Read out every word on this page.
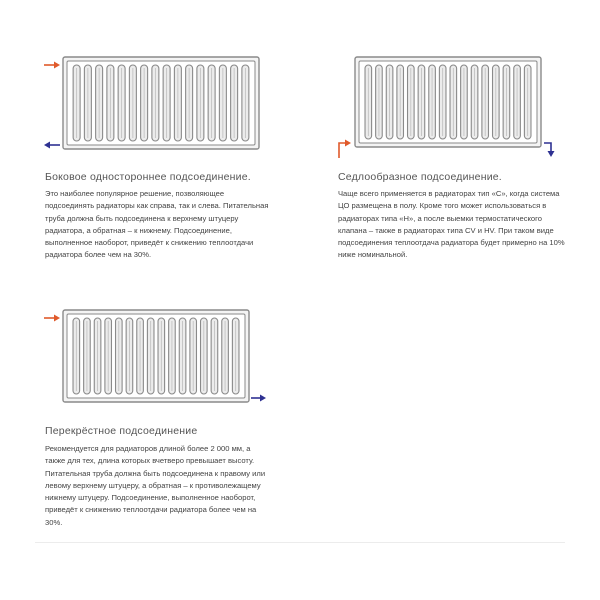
Боковое одностороннее подсоединение.
Это наиболее популярное решение, позволяющее подсоединять радиаторы как справа, так и слева. Питательная труба должна быть подсоединена к верхнему штуцеру радиатора, а обратная – к нижнему. Подсоединение, выполненное наоборот, приведёт к снижению теплоотдачи радиатора более чем на 30%.
Седлообразное подсоединение.
Чаще всего применяется в радиаторах тип «С», когда система ЦО размещена в полу. Кроме того может использоваться в радиаторах типа «Н», а после выемки термостатического клапана – также в радиаторах типа CV и HV. При таком виде подсоединения теплоотдача радиатора будет примерно на 10% ниже номинальной.
Перекрёстное подсоединение
Рекомендуется для радиаторов длиной более 2 000 мм, а также для тех, длина которых вчетверо превышает высоту. Питательная труба должна быть подсоединена к правому или левому верхнему штуцеру, а обратная – к противолежащему нижнему штуцеру. Подсоединение, выполненное наоборот, приведёт к снижению теплоотдачи радиатора более чем на 30%.
